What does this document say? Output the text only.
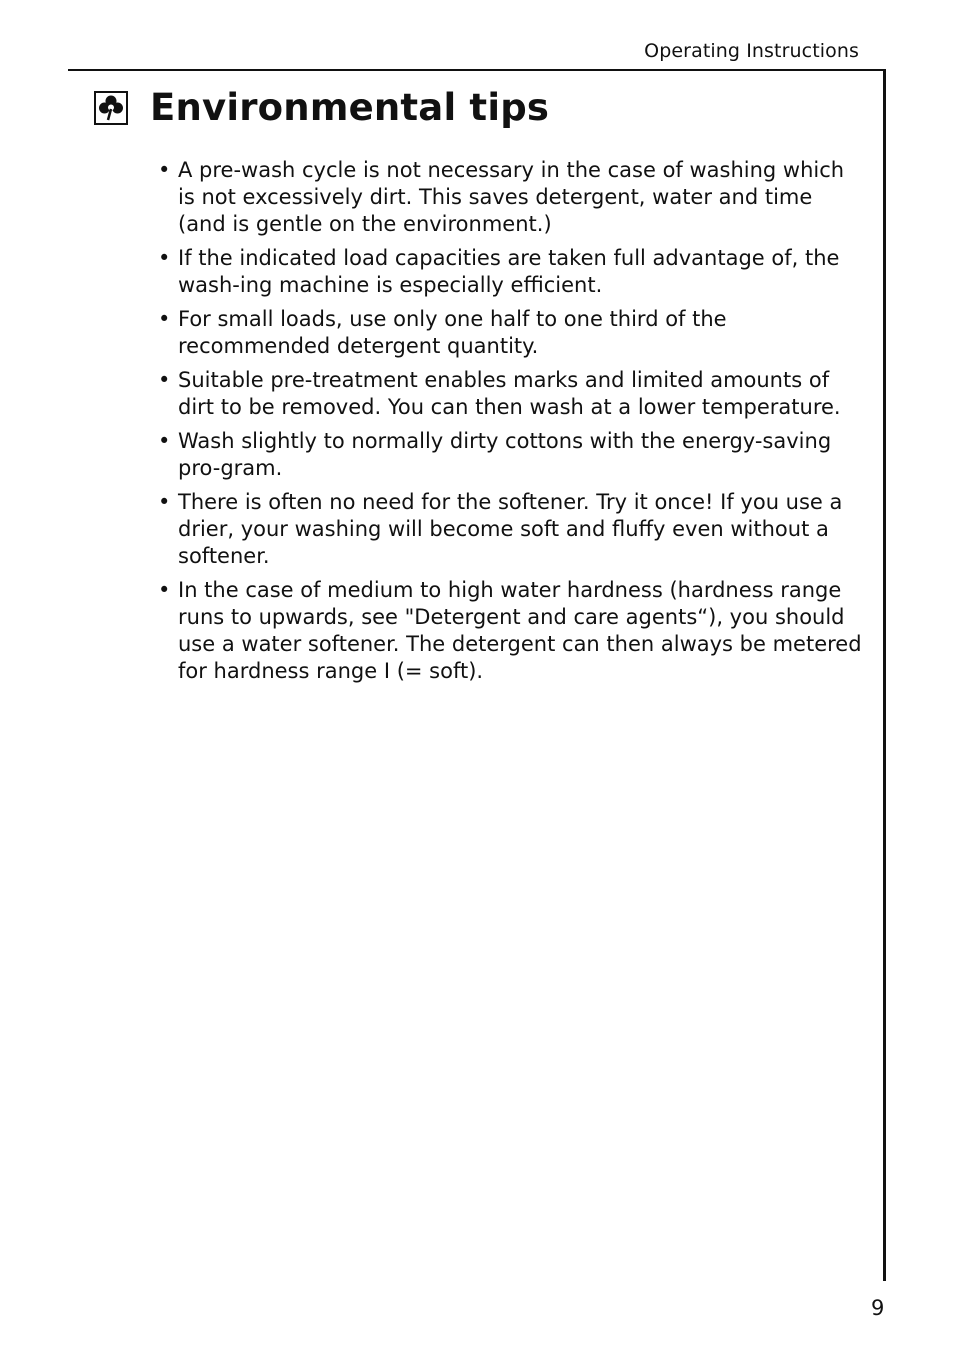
Operating Instructions
Environmental tips
• A pre-wash cycle is not necessary in the case of washing which is not excessively dirt. This saves detergent, water and time (and is gentle on the environment.)
• If the indicated load capacities are taken full advantage of, the wash-ing machine is especially efficient.
• For small loads, use only one half to one third of the recommended detergent quantity.
• Suitable pre-treatment enables marks and limited amounts of dirt to be removed. You can then wash at a lower temperature.
• Wash slightly to normally dirty cottons with the energy-saving pro-gram.
• There is often no need for the softener. Try it once! If you use a drier, your washing will become soft and fluffy even without a softener.
• In the case of medium to high water hardness (hardness range runs to upwards, see "Detergent and care agents“), you should use a water softener. The detergent can then always be metered for hardness range I (= soft).
9
